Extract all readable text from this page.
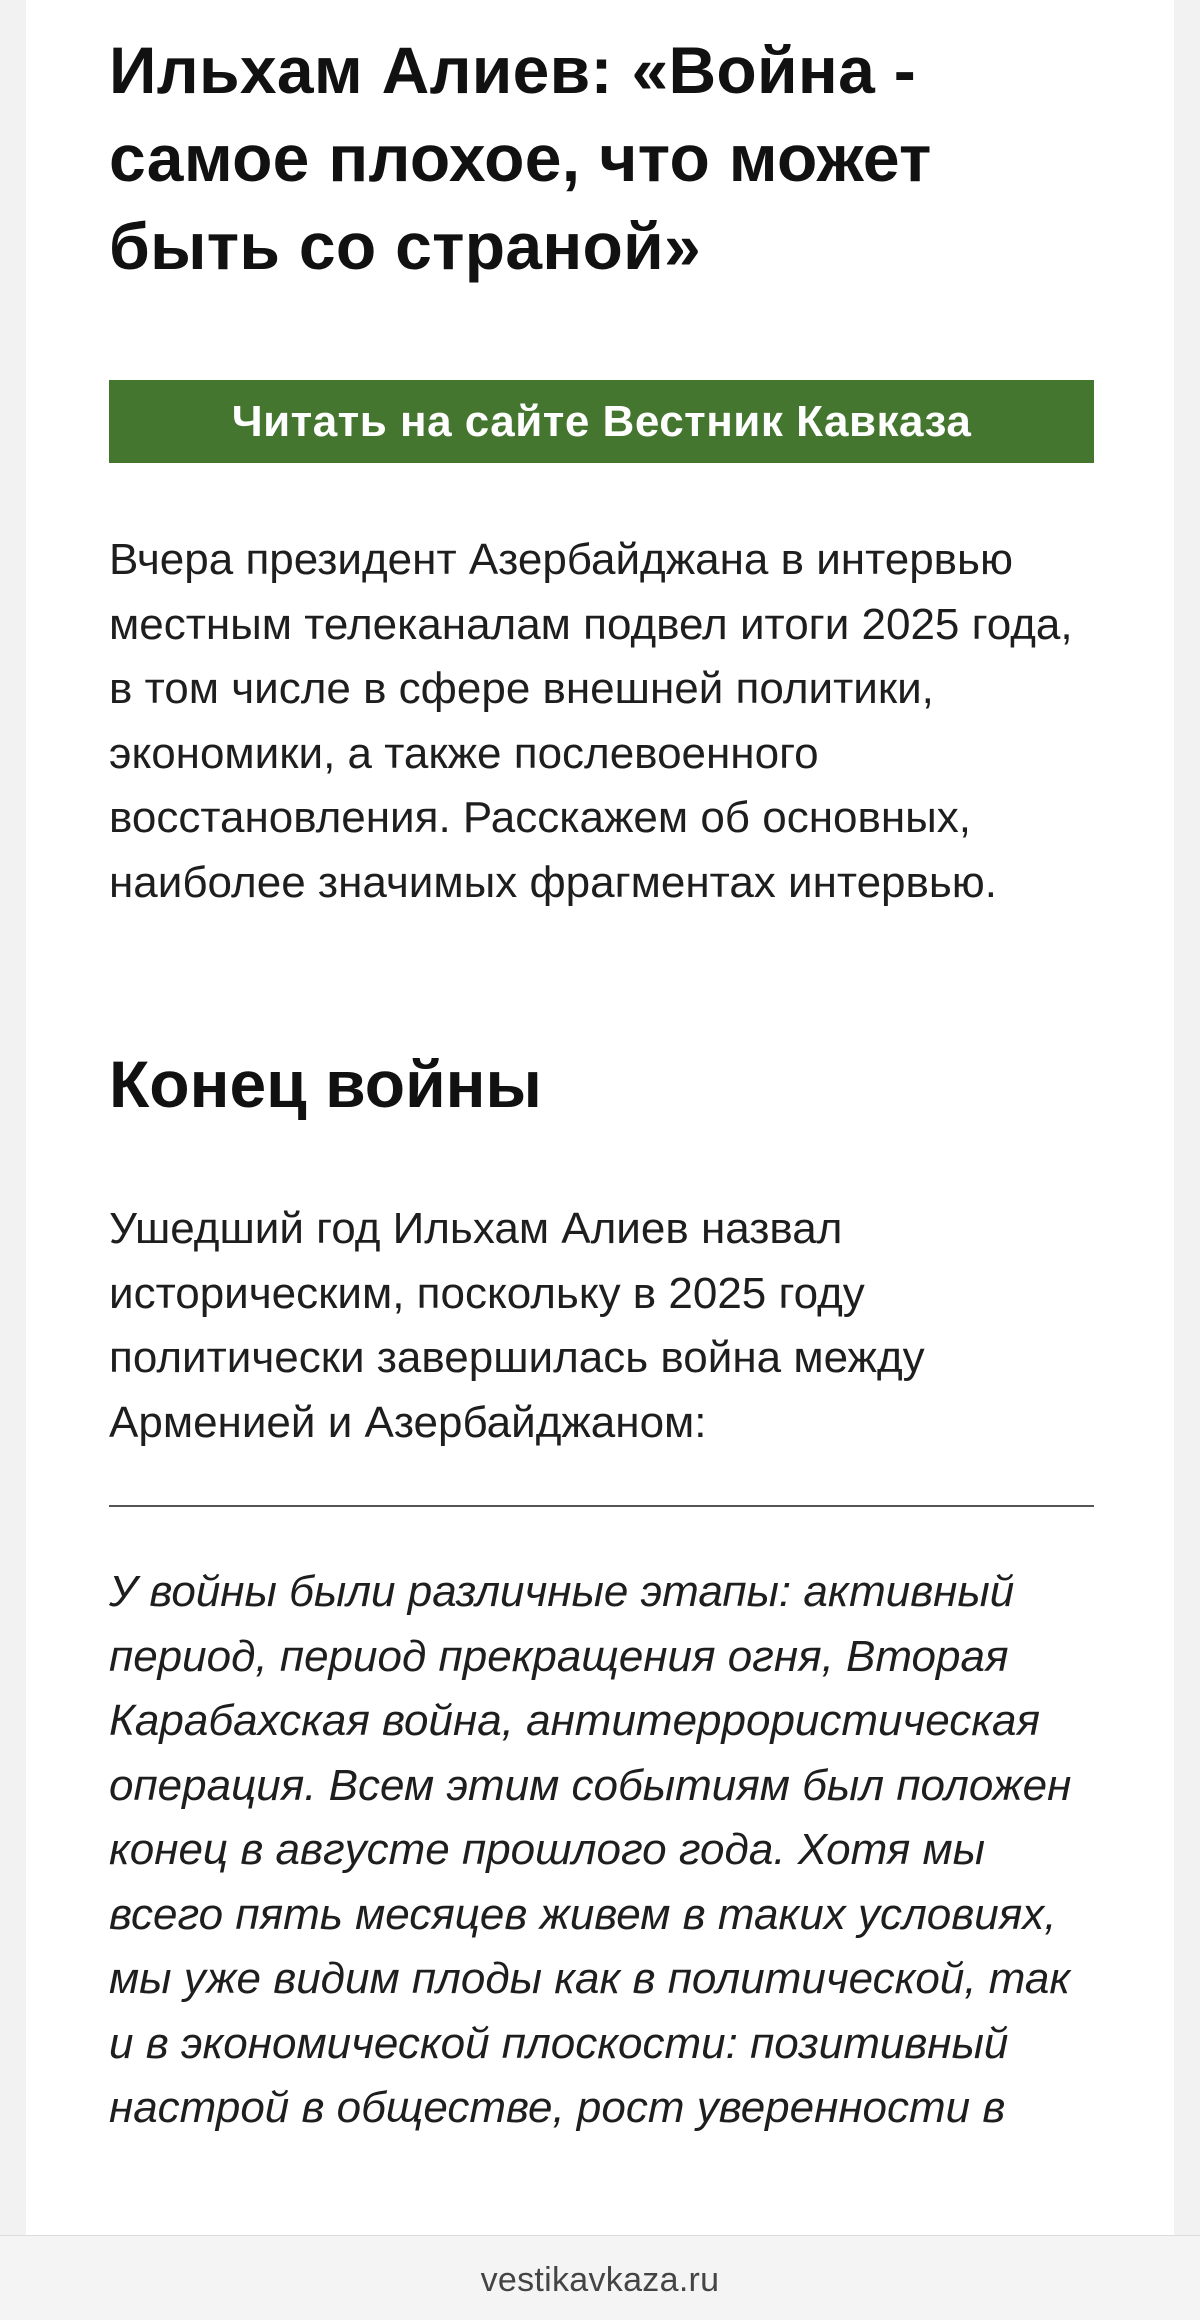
Ильхам Алиев: «Война - самое плохое, что может быть со страной»
Читать на сайте Вестник Кавказа

Вчера президент Азербайджана в интервью местным телеканалам подвел итоги 2025 года, в том числе в сфере внешней политики, экономики, а также послевоенного восстановления. Расскажем об основных, наиболее значимых фрагментах интервью.

Конец войны

Ушедший год Ильхам Алиев назвал историческим, поскольку в 2025 году политически завершилась война между Арменией и Азербайджаном:

У войны были различные этапы: активный период, период прекращения огня, Вторая Карабахская война, антитеррористическая операция. Всем этим событиям был положен конец в августе прошлого года. Хотя мы всего пять месяцев живем в таких условиях, мы уже видим плоды как в политической, так и в экономической плоскости: позитивный настрой в обществе, рост уверенности в

vestikavkaza.ru
